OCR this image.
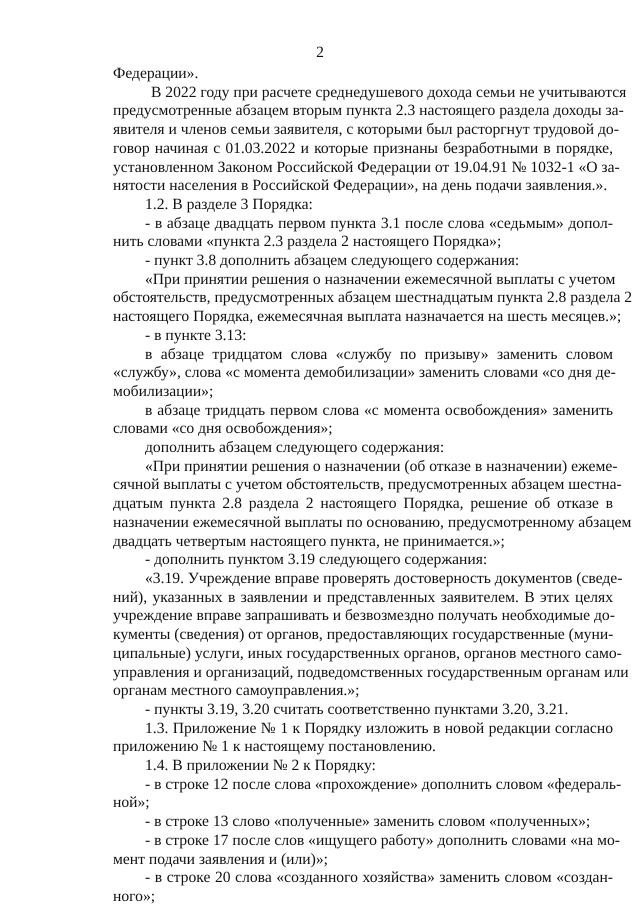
2
Федерации».
В 2022 году при расчете среднедушевого дохода семьи не учитываются
предусмотренные абзацем вторым пункта 2.3 настоящего раздела доходы за-
явителя и членов семьи заявителя, с которыми был расторгнут трудовой до-
говор начиная с 01.03.2022 и которые признаны безработными в порядке,
установленном Законом Российской Федерации от 19.04.91 № 1032-1 «О за-
нятости населения в Российской Федерации», на день подачи заявления.».
1.2. В разделе 3 Порядка:
- в абзаце двадцать первом пункта 3.1 после слова «седьмым» допол-
нить словами «пункта 2.3 раздела 2 настоящего Порядка»;
- пункт 3.8 дополнить абзацем следующего содержания:
«При принятии решения о назначении ежемесячной выплаты с учетом
обстоятельств, предусмотренных абзацем шестнадцатым пункта 2.8 раздела 2
настоящего Порядка, ежемесячная выплата назначается на шесть месяцев.»;
- в пункте 3.13:
в абзаце тридцатом слова «службу по призыву» заменить словом
«службу», слова «с момента демобилизации» заменить словами «со дня де-
мобилизации»;
в абзаце тридцать первом слова «с момента освобождения» заменить
словами «со дня освобождения»;
дополнить абзацем следующего содержания:
«При принятии решения о назначении (об отказе в назначении) ежеме-
сячной выплаты с учетом обстоятельств, предусмотренных абзацем шестна-
дцатым пункта 2.8 раздела 2 настоящего Порядка, решение об отказе в
назначении ежемесячной выплаты по основанию, предусмотренному абзацем
двадцать четвертым настоящего пункта, не принимается.»;
- дополнить пунктом 3.19 следующего содержания:
«3.19. Учреждение вправе проверять достоверность документов (сведе-
ний), указанных в заявлении и представленных заявителем. В этих целях
учреждение вправе запрашивать и безвозмездно получать необходимые до-
кументы (сведения) от органов, предоставляющих государственные (муни-
ципальные) услуги, иных государственных органов, органов местного само-
управления и организаций, подведомственных государственным органам или
органам местного самоуправления.»;
- пункты 3.19, 3.20 считать соответственно пунктами 3.20, 3.21.
1.3. Приложение № 1 к Порядку изложить в новой редакции согласно
приложению № 1 к настоящему постановлению.
1.4. В приложении № 2 к Порядку:
- в строке 12 после слова «прохождение» дополнить словом «федераль-
ной»;
- в строке 13 слово «полученные» заменить словом «полученных»;
- в строке 17 после слов «ищущего работу» дополнить словами «на мо-
мент подачи заявления и (или)»;
- в строке 20 слова «созданного хозяйства» заменить словом «создан-
ного»;
